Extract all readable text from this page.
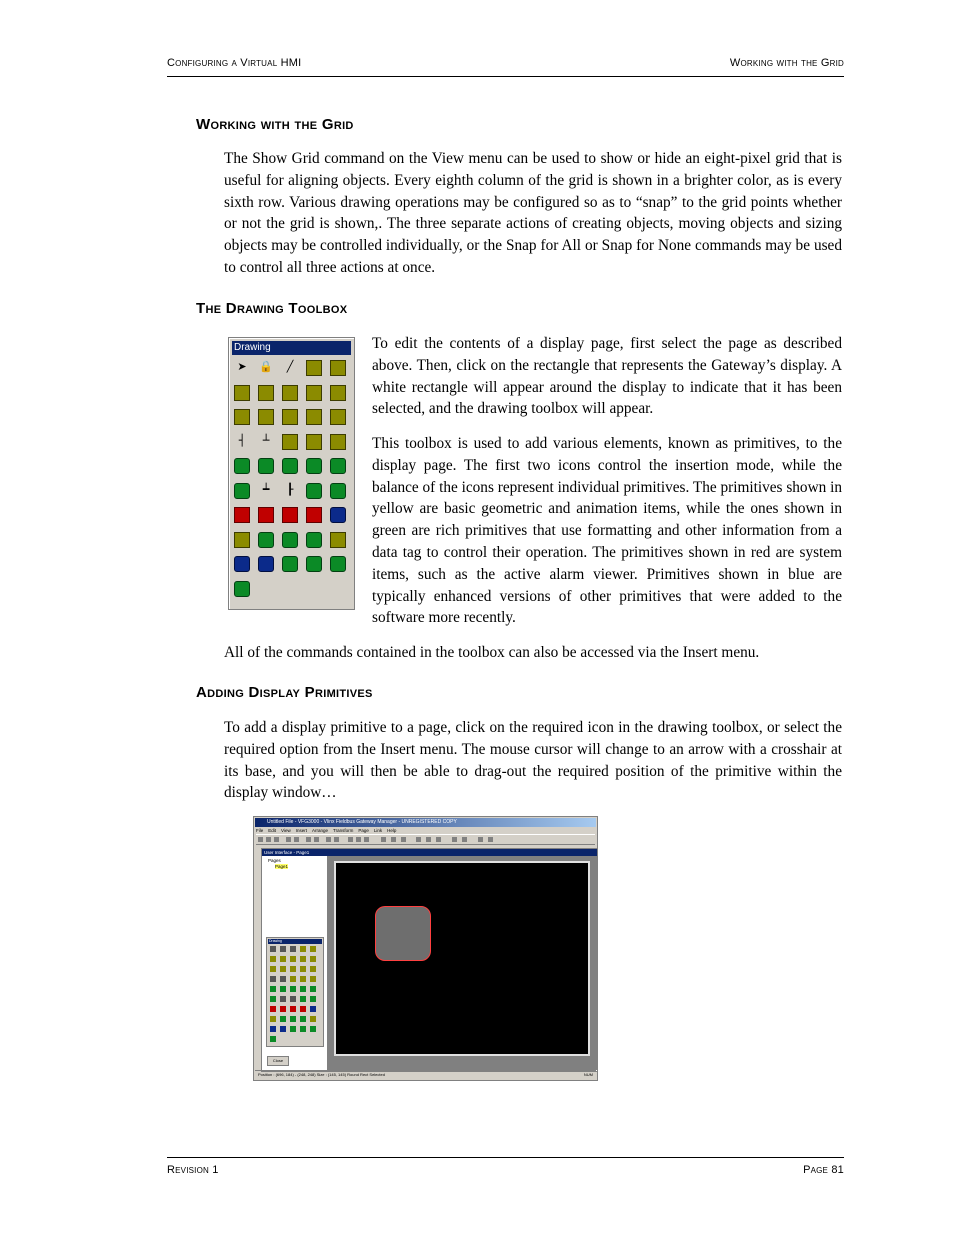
Configuring a Virtual HMI	Working with the Grid
Working with the Grid

The Show Grid command on the View menu can be used to show or hide an eight-pixel grid that is useful for aligning objects. Every eighth column of the grid is shown in a brighter color, as is every sixth row. Various drawing operations may be configured so as to “snap” to the grid points whether or not the grid is shown,. The three separate actions of creating objects, moving objects and sizing objects may be controlled individually, or the Snap for All or Snap for None commands may be used to control all three actions at once.

The Drawing Toolbox
Drawing
➤	🔒	╱
┤	┴
┷	┠

To edit the contents of a display page, first select the page as described above. Then, click on the rectangle that represents the Gateway’s display. A white rectangle will appear around the display to indicate that it has been selected, and the drawing toolbox will appear.

This toolbox is used to add various elements, known as primitives, to the display page. The first two icons control the insertion mode, while the balance of the icons represent individual primitives. The primitives shown in yellow are basic geometric and animation items, while the ones shown in green are rich primitives that use formatting and other information from a data tag to control their operation. The primitives shown in red are system items, such as the active alarm viewer. Primitives shown in blue are typically enhanced versions of other primitives that were added to the software more recently.

All of the commands contained in the toolbox can also be accessed via the Insert menu.

Adding Display Primitives

To add a display primitive to a page, click on the required icon in the drawing toolbox, or select the required option from the Insert menu. The mouse cursor will change to an arrow with a crosshair at its base, and you will then be able to drag-out the required position of the primitive within the display window…

Untitled File - VFG3000 - Vlinx Fieldbus Gateway Manager - UNREGISTERED COPY
File Edit View Insert Arrange Transform Page Link Help
User Interface - Page1
Pages
Page1
Drawing
Close
Position : (696, 184) - (248, 248) Size : (145, 145) Round Rect Selected	NUM
Revision 1	Page 81
